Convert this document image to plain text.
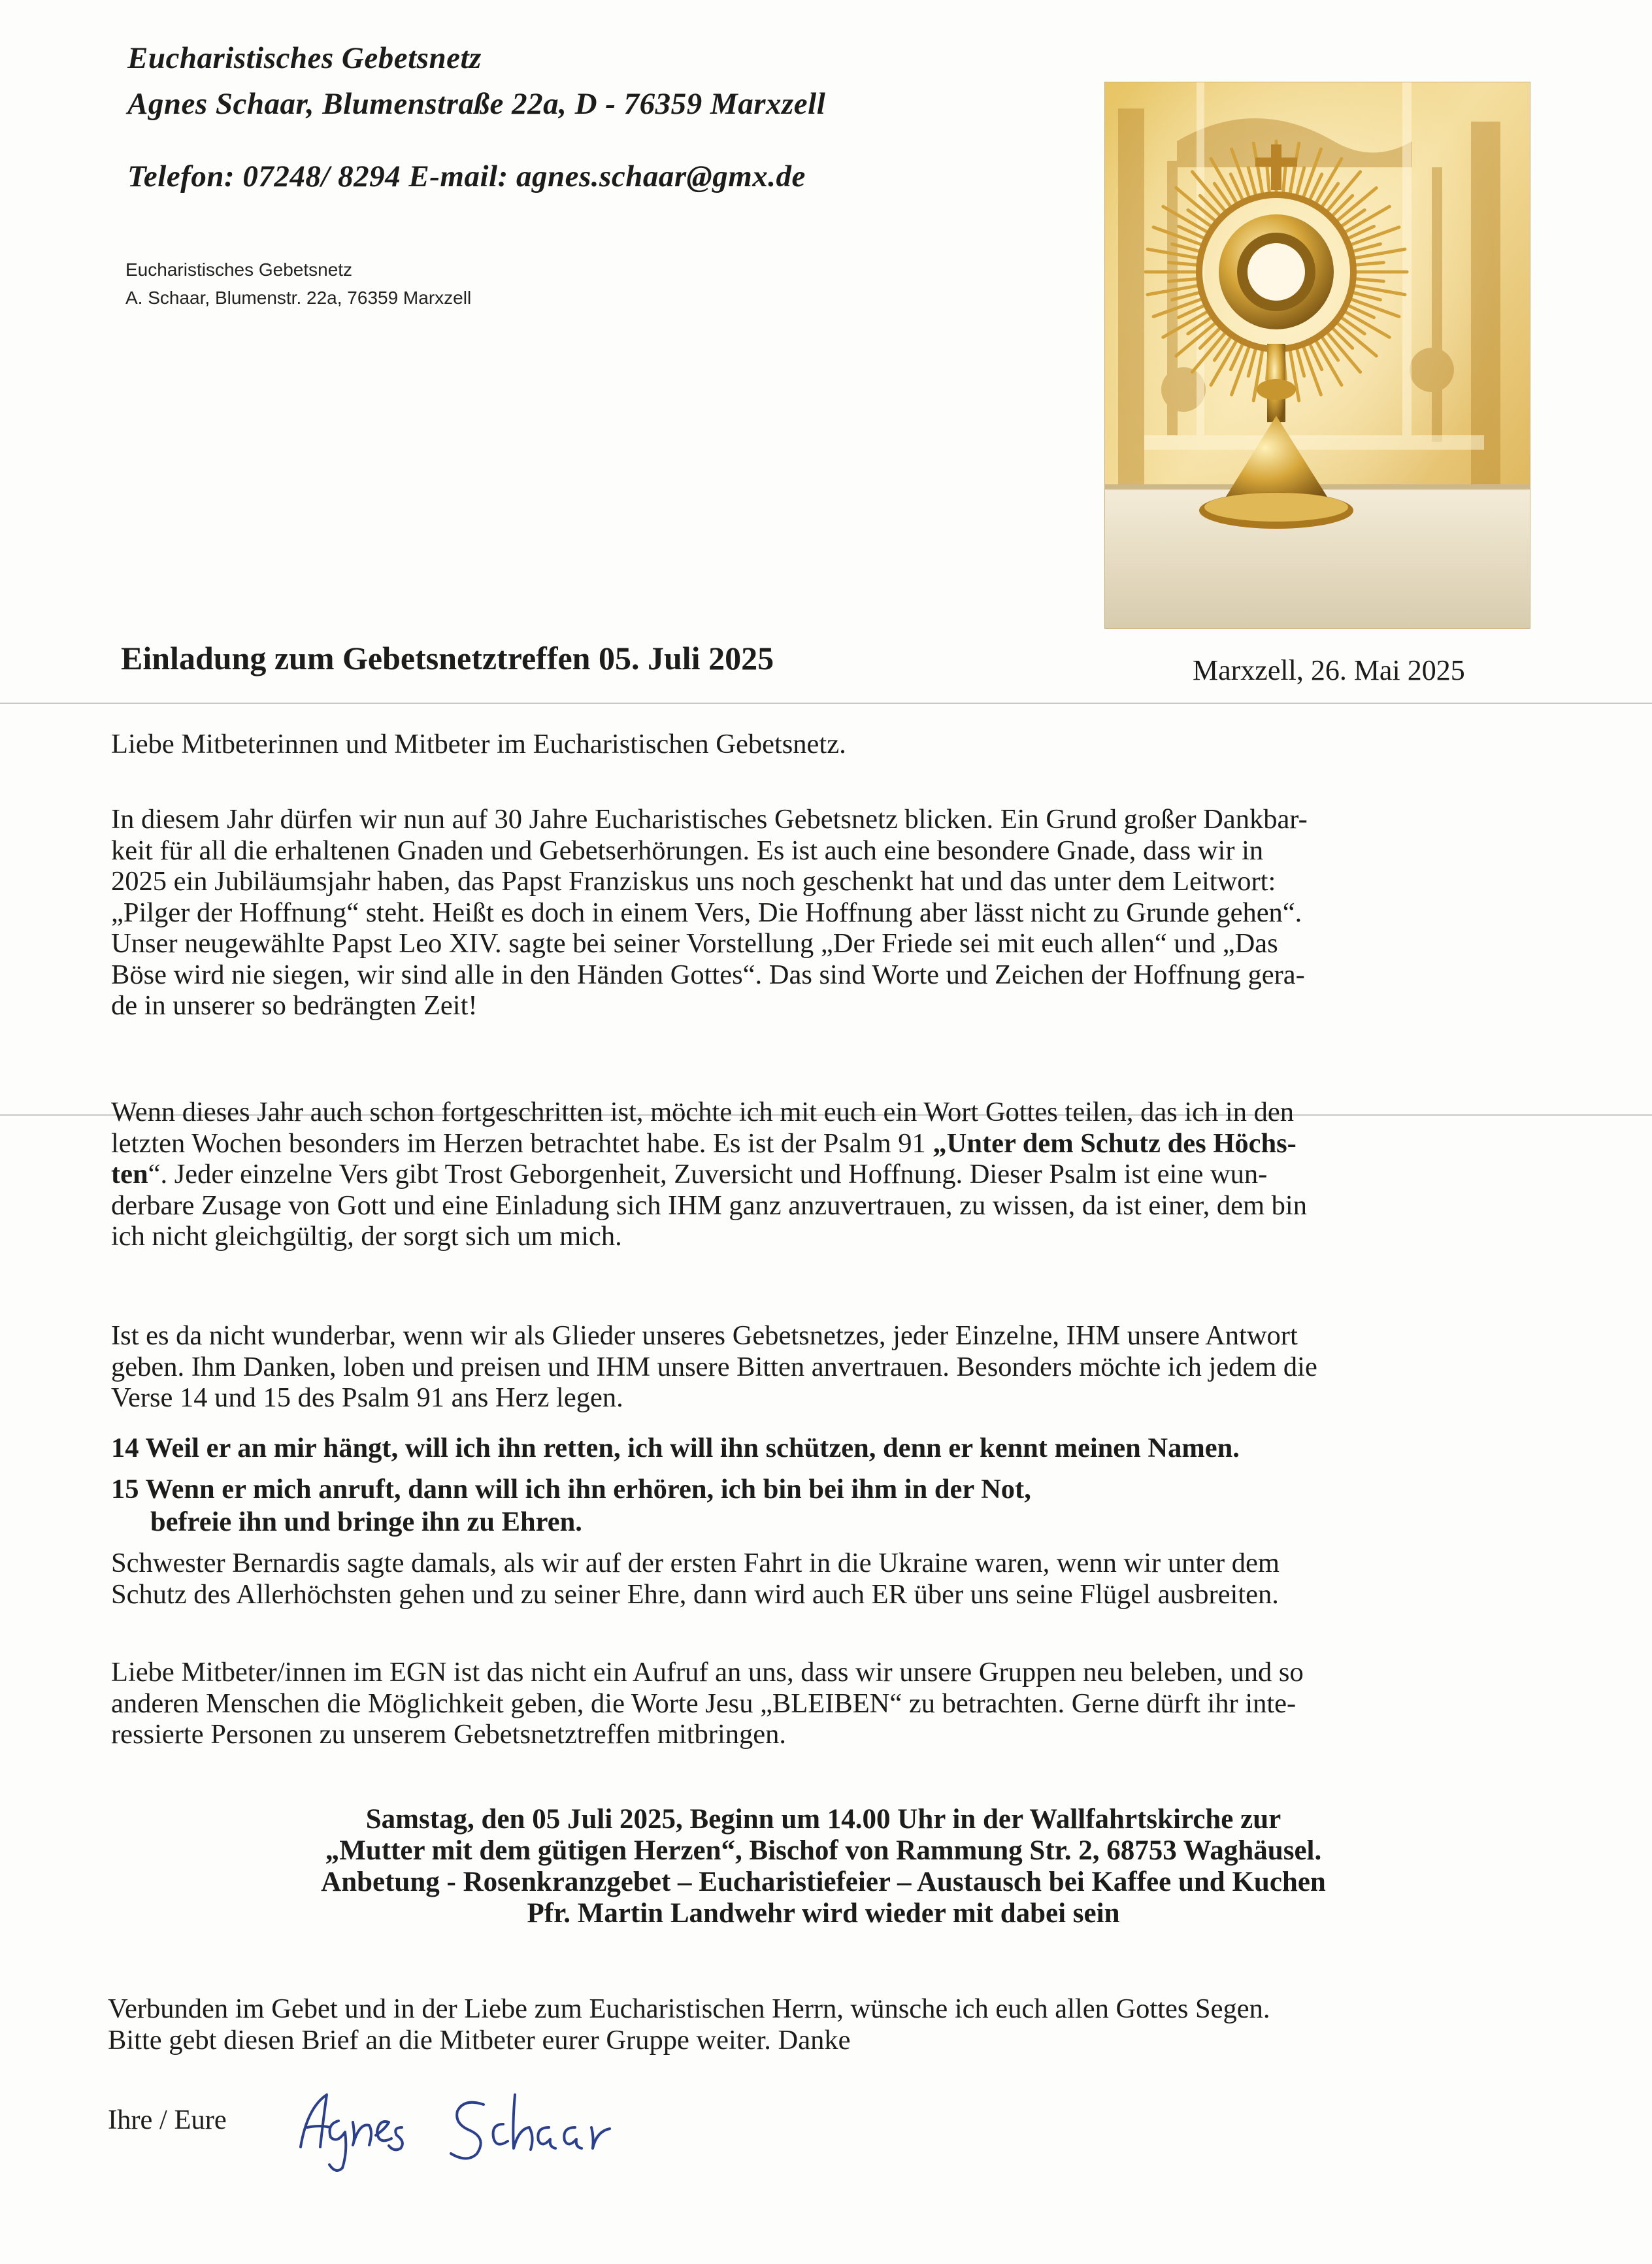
Eucharistisches Gebetsnetz
Agnes Schaar, Blumenstraße 22a, D - 76359 Marxzell
Telefon: 07248/ 8294 E-mail: agnes.schaar@gmx.de
Eucharistisches Gebetsnetz
A. Schaar, Blumenstr. 22a, 76359 Marxzell
Einladung zum Gebetsnetztreffen 05. Juli 2025	Marxzell, 26. Mai 2025
Liebe Mitbeterinnen und Mitbeter im Eucharistischen Gebetsnetz.
In diesem Jahr dürfen wir nun auf 30 Jahre Eucharistisches Gebetsnetz blicken. Ein Grund großer Dankbar-
keit für all die erhaltenen Gnaden und Gebetserhörungen. Es ist auch eine besondere Gnade, dass wir in
2025 ein Jubiläumsjahr haben, das Papst Franziskus uns noch geschenkt hat und das unter dem Leitwort:
„Pilger der Hoffnung“ steht. Heißt es doch in einem Vers, Die Hoffnung aber lässt nicht zu Grunde gehen“.
Unser neugewählte Papst Leo XIV. sagte bei seiner Vorstellung „Der Friede sei mit euch allen“ und „Das
Böse wird nie siegen, wir sind alle in den Händen Gottes“. Das sind Worte und Zeichen der Hoffnung gera-
de in unserer so bedrängten Zeit!
Wenn dieses Jahr auch schon fortgeschritten ist, möchte ich mit euch ein Wort Gottes teilen, das ich in den
letzten Wochen besonders im Herzen betrachtet habe. Es ist der Psalm 91 „Unter dem Schutz des Höchs-
ten“. Jeder einzelne Vers gibt Trost Geborgenheit, Zuversicht und Hoffnung. Dieser Psalm ist eine wun-
derbare Zusage von Gott und eine Einladung sich IHM ganz anzuvertrauen, zu wissen, da ist einer, dem bin
ich nicht gleichgültig, der sorgt sich um mich.
Ist es da nicht wunderbar, wenn wir als Glieder unseres Gebetsnetzes, jeder Einzelne, IHM unsere Antwort
geben. Ihm Danken, loben und preisen und IHM unsere Bitten anvertrauen. Besonders möchte ich jedem die
Verse 14 und 15 des Psalm 91 ans Herz legen.
14 Weil er an mir hängt, will ich ihn retten, ich will ihn schützen, denn er kennt meinen Namen.
15 Wenn er mich anruft, dann will ich ihn erhören, ich bin bei ihm in der Not,
befreie ihn und bringe ihn zu Ehren.
Schwester Bernardis sagte damals, als wir auf der ersten Fahrt in die Ukraine waren, wenn wir unter dem
Schutz des Allerhöchsten gehen und zu seiner Ehre, dann wird auch ER über uns seine Flügel ausbreiten.
Liebe Mitbeter/innen im EGN ist das nicht ein Aufruf an uns, dass wir unsere Gruppen neu beleben, und so
anderen Menschen die Möglichkeit geben, die Worte Jesu „BLEIBEN“ zu betrachten. Gerne dürft ihr inte-
ressierte Personen zu unserem Gebetsnetztreffen mitbringen.
Samstag, den 05 Juli 2025, Beginn um 14.00 Uhr in der Wallfahrtskirche zur
„Mutter mit dem gütigen Herzen“, Bischof von Rammung Str. 2, 68753 Waghäusel.
Anbetung - Rosenkranzgebet – Eucharistiefeier – Austausch bei Kaffee und Kuchen
Pfr. Martin Landwehr wird wieder mit dabei sein
Verbunden im Gebet und in der Liebe zum Eucharistischen Herrn, wünsche ich euch allen Gottes Segen.
Bitte gebt diesen Brief an die Mitbeter eurer Gruppe weiter. Danke
Ihre / Eure
